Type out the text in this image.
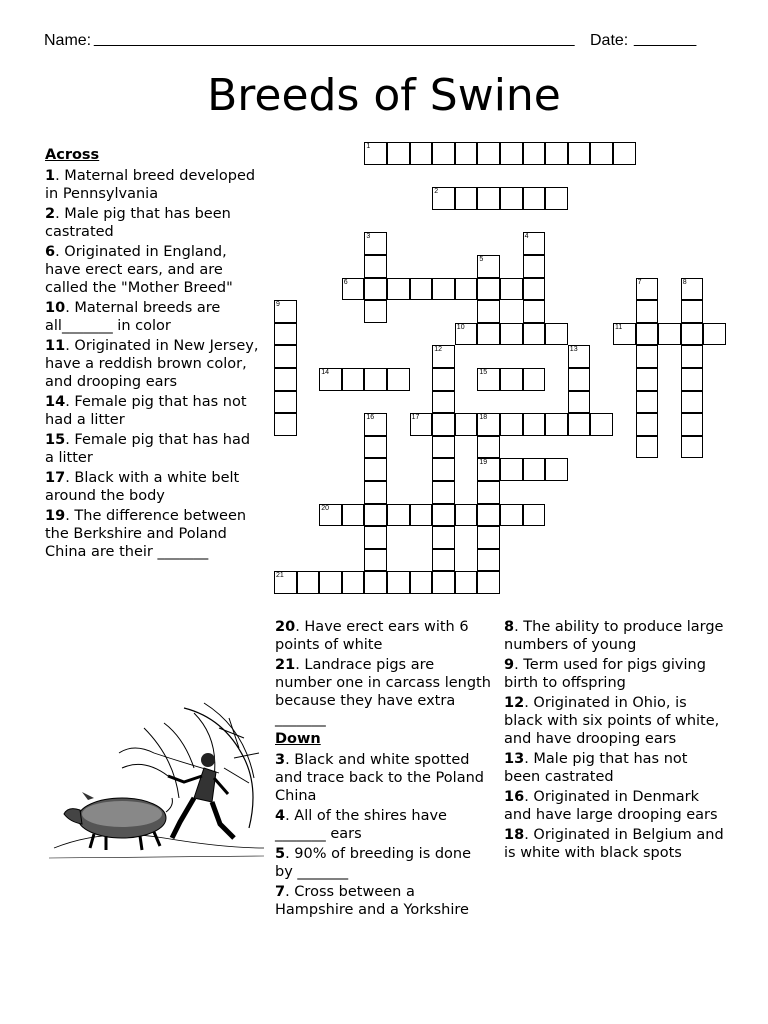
Name: ______________________________________________________ Date: _______
Breeds of Swine
Across
1. Maternal breed developed in Pennsylvania
2. Male pig that has been castrated
6. Originated in England, have erect ears, and are called the "Mother Breed"
10. Maternal breeds are all_______ in color
11. Originated in New Jersey, have a reddish brown color, and drooping ears
14. Female pig that has not had a litter
15. Female pig that has had a litter
17. Black with a white belt around the body
19. The difference between the Berkshire and Poland China are their _______
20. Have erect ears with 6 points of white
21. Landrace pigs are number one in carcass length because they have extra _______
Down
3. Black and white spotted and trace back to the Poland China
4. All of the shires have _______ ears
5. 90% of breeding is done by _______
7. Cross between a Hampshire and a Yorkshire
8. The ability to produce large numbers of young
9. Term used for pigs giving birth to offspring
12. Originated in Ohio, is black with six points of white, and have drooping ears
13. Male pig that has not been castrated
16. Originated in Denmark and have large drooping ears
18. Originated in Belgium and is white with black spots
1
2
3	4
5
6	7	8
9
10	11
12	13
14	15
16	17	18
19
20
21
